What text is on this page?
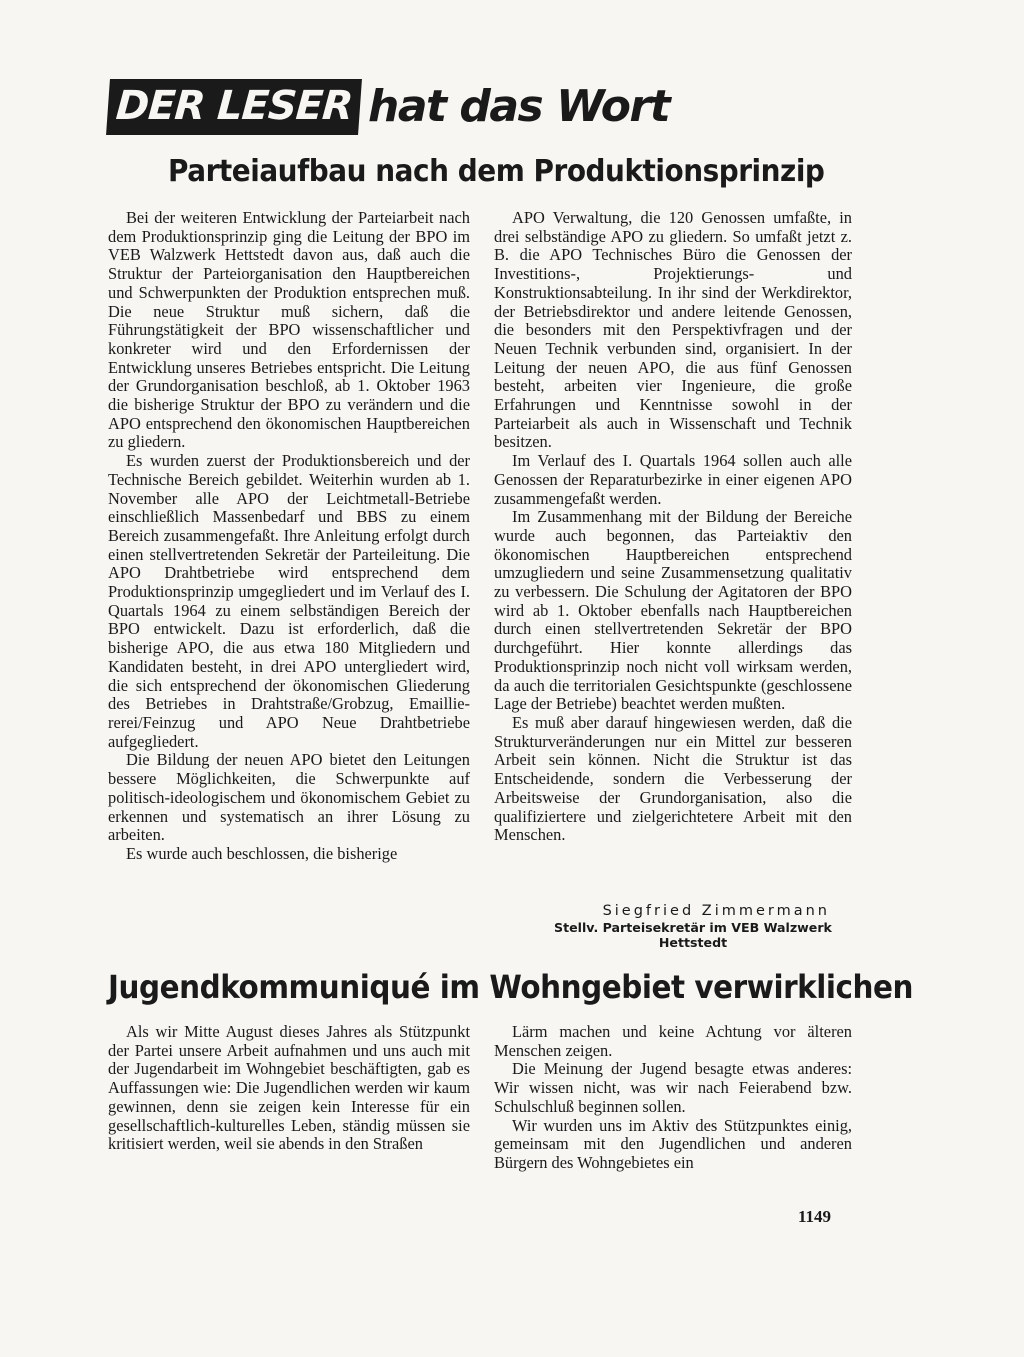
DER LESER hat das Wort
Parteiaufbau nach dem Produktionsprinzip

Bei der weiteren Entwicklung der Parteiarbeit nach dem Produktionsprinzip ging die Leitung der BPO im VEB Walzwerk Hettstedt davon aus, daß auch die Struktur der Parteiorganisation den Hauptbereichen und Schwerpunkten der Produktion entsprechen muß. Die neue Struktur muß sichern, daß die Führungstätigkeit der BPO wissenschaftlicher und konkreter wird und den Erfordernissen der Entwicklung unseres Betriebes entspricht. Die Leitung der Grundorganisation beschloß, ab 1. Oktober 1963 die bisherige Struktur der BPO zu verändern und die APO entsprechend den ökonomischen Hauptbereichen zu gliedern.

Es wurden zuerst der Produktionsbereich und der Technische Bereich gebildet. Weiterhin wurden ab 1. November alle APO der Leichtmetall-Betriebe einschließlich Massenbedarf und BBS zu einem Bereich zusammengefaßt. Ihre Anleitung erfolgt durch einen stellvertretenden Sekretär der Parteileitung. Die APO Drahtbetriebe wird entsprechend dem Produktionsprinzip umgegliedert und im Verlauf des I. Quartals 1964 zu einem selbständigen Bereich der BPO entwickelt. Dazu ist erforderlich, daß die bisherige APO, die aus etwa 180 Mitgliedern und Kandidaten besteht, in drei APO untergliedert wird, die sich entsprechend der ökonomischen Gliederung des Betriebes in Drahtstraße/Grobzug, Emailliererei/Feinzug und APO Neue Drahtbetriebe aufgegliedert.

Die Bildung der neuen APO bietet den Leitungen bessere Möglichkeiten, die Schwerpunkte auf politisch-ideologischem und ökonomischem Gebiet zu erkennen und systematisch an ihrer Lösung zu arbeiten.

Es wurde auch beschlossen, die bisherige

APO Verwaltung, die 120 Genossen umfaßte, in drei selbständige APO zu gliedern. So umfaßt jetzt z. B. die APO Technisches Büro die Genossen der Investitions-, Projektierungs- und Konstruktionsabteilung. In ihr sind der Werkdirektor, der Betriebsdirektor und andere leitende Genossen, die besonders mit den Perspektivfragen und der Neuen Technik verbunden sind, organisiert. In der Leitung der neuen APO, die aus fünf Genossen besteht, arbeiten vier Ingenieure, die große Erfahrungen und Kenntnisse sowohl in der Parteiarbeit als auch in Wissenschaft und Technik besitzen.

Im Verlauf des I. Quartals 1964 sollen auch alle Genossen der Reparaturbezirke in einer eigenen APO zusammengefaßt werden.

Im Zusammenhang mit der Bildung der Bereiche wurde auch begonnen, das Parteiaktiv den ökonomischen Hauptbereichen entsprechend umzugliedern und seine Zusammensetzung qualitativ zu verbessern. Die Schulung der Agitatoren der BPO wird ab 1. Oktober ebenfalls nach Hauptbereichen durch einen stellvertretenden Sekretär der BPO durchgeführt. Hier konnte allerdings das Produktionsprinzip noch nicht voll wirksam werden, da auch die territorialen Gesichtspunkte (geschlossene Lage der Betriebe) beachtet werden mußten.

Es muß aber darauf hingewiesen werden, daß die Strukturveränderungen nur ein Mittel zur besseren Arbeit sein können. Nicht die Struktur ist das Entscheidende, sondern die Verbesserung der Arbeitsweise der Grundorganisation, also die qualifiziertere und zielgerichtetere Arbeit mit den Menschen.

Siegfried Zimmermann
Stellv. Parteisekretär im VEB Walzwerk Hettstedt
Jugendkommuniqué im Wohngebiet verwirklichen

Als wir Mitte August dieses Jahres als Stützpunkt der Partei unsere Arbeit aufnahmen und uns auch mit der Jugendarbeit im Wohngebiet beschäftigten, gab es Auffassungen wie: Die Jugendlichen werden wir kaum gewinnen, denn sie zeigen kein Interesse für ein gesellschaftlich-kulturelles Leben, ständig müssen sie kritisiert werden, weil sie abends in den Straßen

Lärm machen und keine Achtung vor älteren Menschen zeigen.

Die Meinung der Jugend besagte etwas anderes: Wir wissen nicht, was wir nach Feierabend bzw. Schulschluß beginnen sollen.

Wir wurden uns im Aktiv des Stützpunktes einig, gemeinsam mit den Jugendlichen und anderen Bürgern des Wohngebietes ein

1149
